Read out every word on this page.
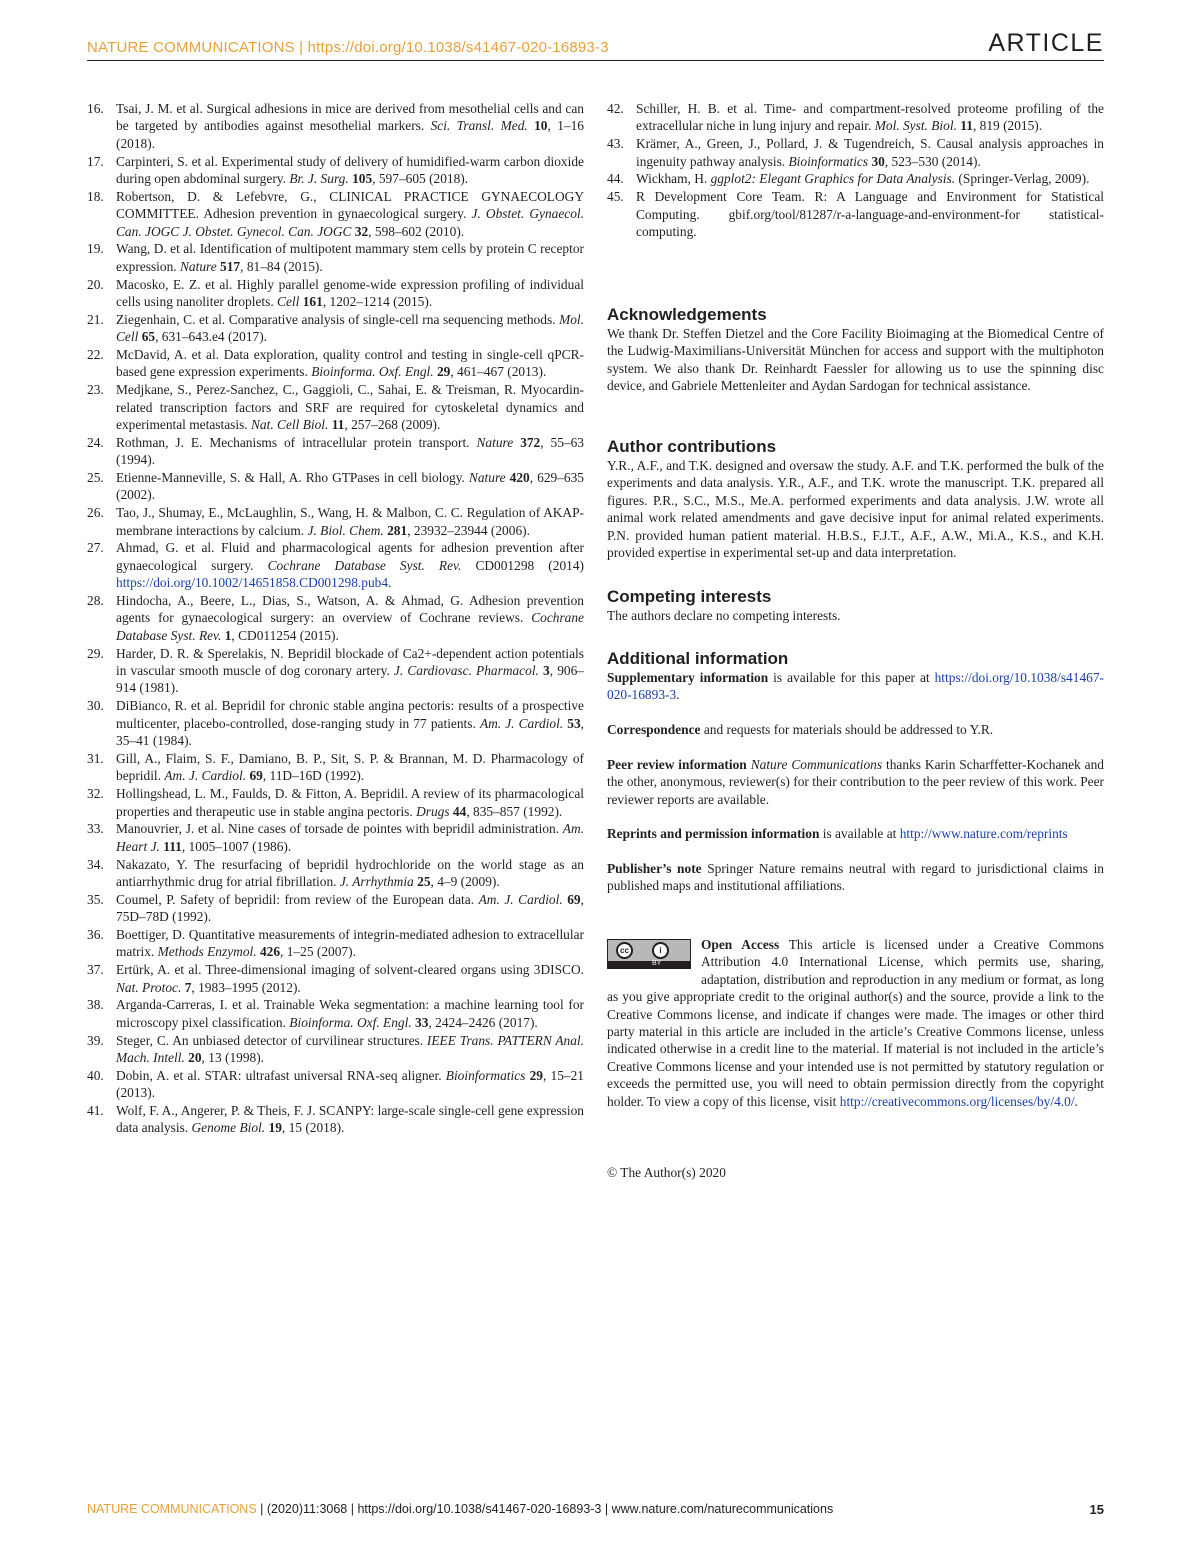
NATURE COMMUNICATIONS | https://doi.org/10.1038/s41467-020-16893-3	ARTICLE
16. Tsai, J. M. et al. Surgical adhesions in mice are derived from mesothelial cells and can be targeted by antibodies against mesothelial markers. Sci. Transl. Med. 10, 1–16 (2018).
17. Carpinteri, S. et al. Experimental study of delivery of humidified-warm carbon dioxide during open abdominal surgery. Br. J. Surg. 105, 597–605 (2018).
18. Robertson, D. & Lefebvre, G., CLINICAL PRACTICE GYNAECOLOGY COMMITTEE. Adhesion prevention in gynaecological surgery. J. Obstet. Gynaecol. Can. JOGC J. Obstet. Gynecol. Can. JOGC 32, 598–602 (2010).
19. Wang, D. et al. Identification of multipotent mammary stem cells by protein C receptor expression. Nature 517, 81–84 (2015).
20. Macosko, E. Z. et al. Highly parallel genome-wide expression profiling of individual cells using nanoliter droplets. Cell 161, 1202–1214 (2015).
21. Ziegenhain, C. et al. Comparative analysis of single-cell rna sequencing methods. Mol. Cell 65, 631–643.e4 (2017).
22. McDavid, A. et al. Data exploration, quality control and testing in single-cell qPCR-based gene expression experiments. Bioinforma. Oxf. Engl. 29, 461–467 (2013).
23. Medjkane, S., Perez-Sanchez, C., Gaggioli, C., Sahai, E. & Treisman, R. Myocardin-related transcription factors and SRF are required for cytoskeletal dynamics and experimental metastasis. Nat. Cell Biol. 11, 257–268 (2009).
24. Rothman, J. E. Mechanisms of intracellular protein transport. Nature 372, 55–63 (1994).
25. Etienne-Manneville, S. & Hall, A. Rho GTPases in cell biology. Nature 420, 629–635 (2002).
26. Tao, J., Shumay, E., McLaughlin, S., Wang, H. & Malbon, C. C. Regulation of AKAP-membrane interactions by calcium. J. Biol. Chem. 281, 23932–23944 (2006).
27. Ahmad, G. et al. Fluid and pharmacological agents for adhesion prevention after gynaecological surgery. Cochrane Database Syst. Rev. CD001298 (2014) https://doi.org/10.1002/14651858.CD001298.pub4.
28. Hindocha, A., Beere, L., Dias, S., Watson, A. & Ahmad, G. Adhesion prevention agents for gynaecological surgery: an overview of Cochrane reviews. Cochrane Database Syst. Rev. 1, CD011254 (2015).
29. Harder, D. R. & Sperelakis, N. Bepridil blockade of Ca2+-dependent action potentials in vascular smooth muscle of dog coronary artery. J. Cardiovasc. Pharmacol. 3, 906–914 (1981).
30. DiBianco, R. et al. Bepridil for chronic stable angina pectoris: results of a prospective multicenter, placebo-controlled, dose-ranging study in 77 patients. Am. J. Cardiol. 53, 35–41 (1984).
31. Gill, A., Flaim, S. F., Damiano, B. P., Sit, S. P. & Brannan, M. D. Pharmacology of bepridil. Am. J. Cardiol. 69, 11D–16D (1992).
32. Hollingshead, L. M., Faulds, D. & Fitton, A. Bepridil. A review of its pharmacological properties and therapeutic use in stable angina pectoris. Drugs 44, 835–857 (1992).
33. Manouvrier, J. et al. Nine cases of torsade de pointes with bepridil administration. Am. Heart J. 111, 1005–1007 (1986).
34. Nakazato, Y. The resurfacing of bepridil hydrochloride on the world stage as an antiarrhythmic drug for atrial fibrillation. J. Arrhythmia 25, 4–9 (2009).
35. Coumel, P. Safety of bepridil: from review of the European data. Am. J. Cardiol. 69, 75D–78D (1992).
36. Boettiger, D. Quantitative measurements of integrin-mediated adhesion to extracellular matrix. Methods Enzymol. 426, 1–25 (2007).
37. Ertürk, A. et al. Three-dimensional imaging of solvent-cleared organs using 3DISCO. Nat. Protoc. 7, 1983–1995 (2012).
38. Arganda-Carreras, I. et al. Trainable Weka segmentation: a machine learning tool for microscopy pixel classification. Bioinforma. Oxf. Engl. 33, 2424–2426 (2017).
39. Steger, C. An unbiased detector of curvilinear structures. IEEE Trans. PATTERN Anal. Mach. Intell. 20, 13 (1998).
40. Dobin, A. et al. STAR: ultrafast universal RNA-seq aligner. Bioinformatics 29, 15–21 (2013).
41. Wolf, F. A., Angerer, P. & Theis, F. J. SCANPY: large-scale single-cell gene expression data analysis. Genome Biol. 19, 15 (2018).
42. Schiller, H. B. et al. Time- and compartment-resolved proteome profiling of the extracellular niche in lung injury and repair. Mol. Syst. Biol. 11, 819 (2015).
43. Krämer, A., Green, J., Pollard, J. & Tugendreich, S. Causal analysis approaches in ingenuity pathway analysis. Bioinformatics 30, 523–530 (2014).
44. Wickham, H. ggplot2: Elegant Graphics for Data Analysis. (Springer-Verlag, 2009).
45. R Development Core Team. R: A Language and Environment for Statistical Computing. gbif.org/tool/81287/r-a-language-and-environment-for statistical-computing.
Acknowledgements

We thank Dr. Steffen Dietzel and the Core Facility Bioimaging at the Biomedical Centre of the Ludwig-Maximilians-Universität München for access and support with the multiphoton system. We also thank Dr. Reinhardt Faessler for allowing us to use the spinning disc device, and Gabriele Mettenleiter and Aydan Sardogan for technical assistance.

Author contributions

Y.R., A.F., and T.K. designed and oversaw the study. A.F. and T.K. performed the bulk of the experiments and data analysis. Y.R., A.F., and T.K. wrote the manuscript. T.K. prepared all figures. P.R., S.C., M.S., Me.A. performed experiments and data analysis. J.W. wrote all animal work related amendments and gave decisive input for animal related experiments. P.N. provided human patient material. H.B.S., F.J.T., A.F., A.W., Mi.A., K.S., and K.H. provided expertise in experimental set-up and data interpretation.

Competing interests

The authors declare no competing interests.

Additional information

Supplementary information is available for this paper at https://doi.org/10.1038/s41467-020-16893-3.

Correspondence and requests for materials should be addressed to Y.R.

Peer review information Nature Communications thanks Karin Scharffetter-Kochanek and the other, anonymous, reviewer(s) for their contribution to the peer review of this work. Peer reviewer reports are available.

Reprints and permission information is available at http://www.nature.com/reprints

Publisher’s note Springer Nature remains neutral with regard to jurisdictional claims in published maps and institutional affiliations.

cc	i
BY

Open Access This article is licensed under a Creative Commons Attribution 4.0 International License, which permits use, sharing, adaptation, distribution and reproduction in any medium or format, as long as you give appropriate credit to the original author(s) and the source, provide a link to the Creative Commons license, and indicate if changes were made. The images or other third party material in this article are included in the article’s Creative Commons license, unless indicated otherwise in a credit line to the material. If material is not included in the article’s Creative Commons license and your intended use is not permitted by statutory regulation or exceeds the permitted use, you will need to obtain permission directly from the copyright holder. To view a copy of this license, visit http://creativecommons.org/licenses/by/4.0/.

© The Author(s) 2020

NATURE COMMUNICATIONS | (2020)11:3068 | https://doi.org/10.1038/s41467-020-16893-3 | www.nature.com/naturecommunications	15
